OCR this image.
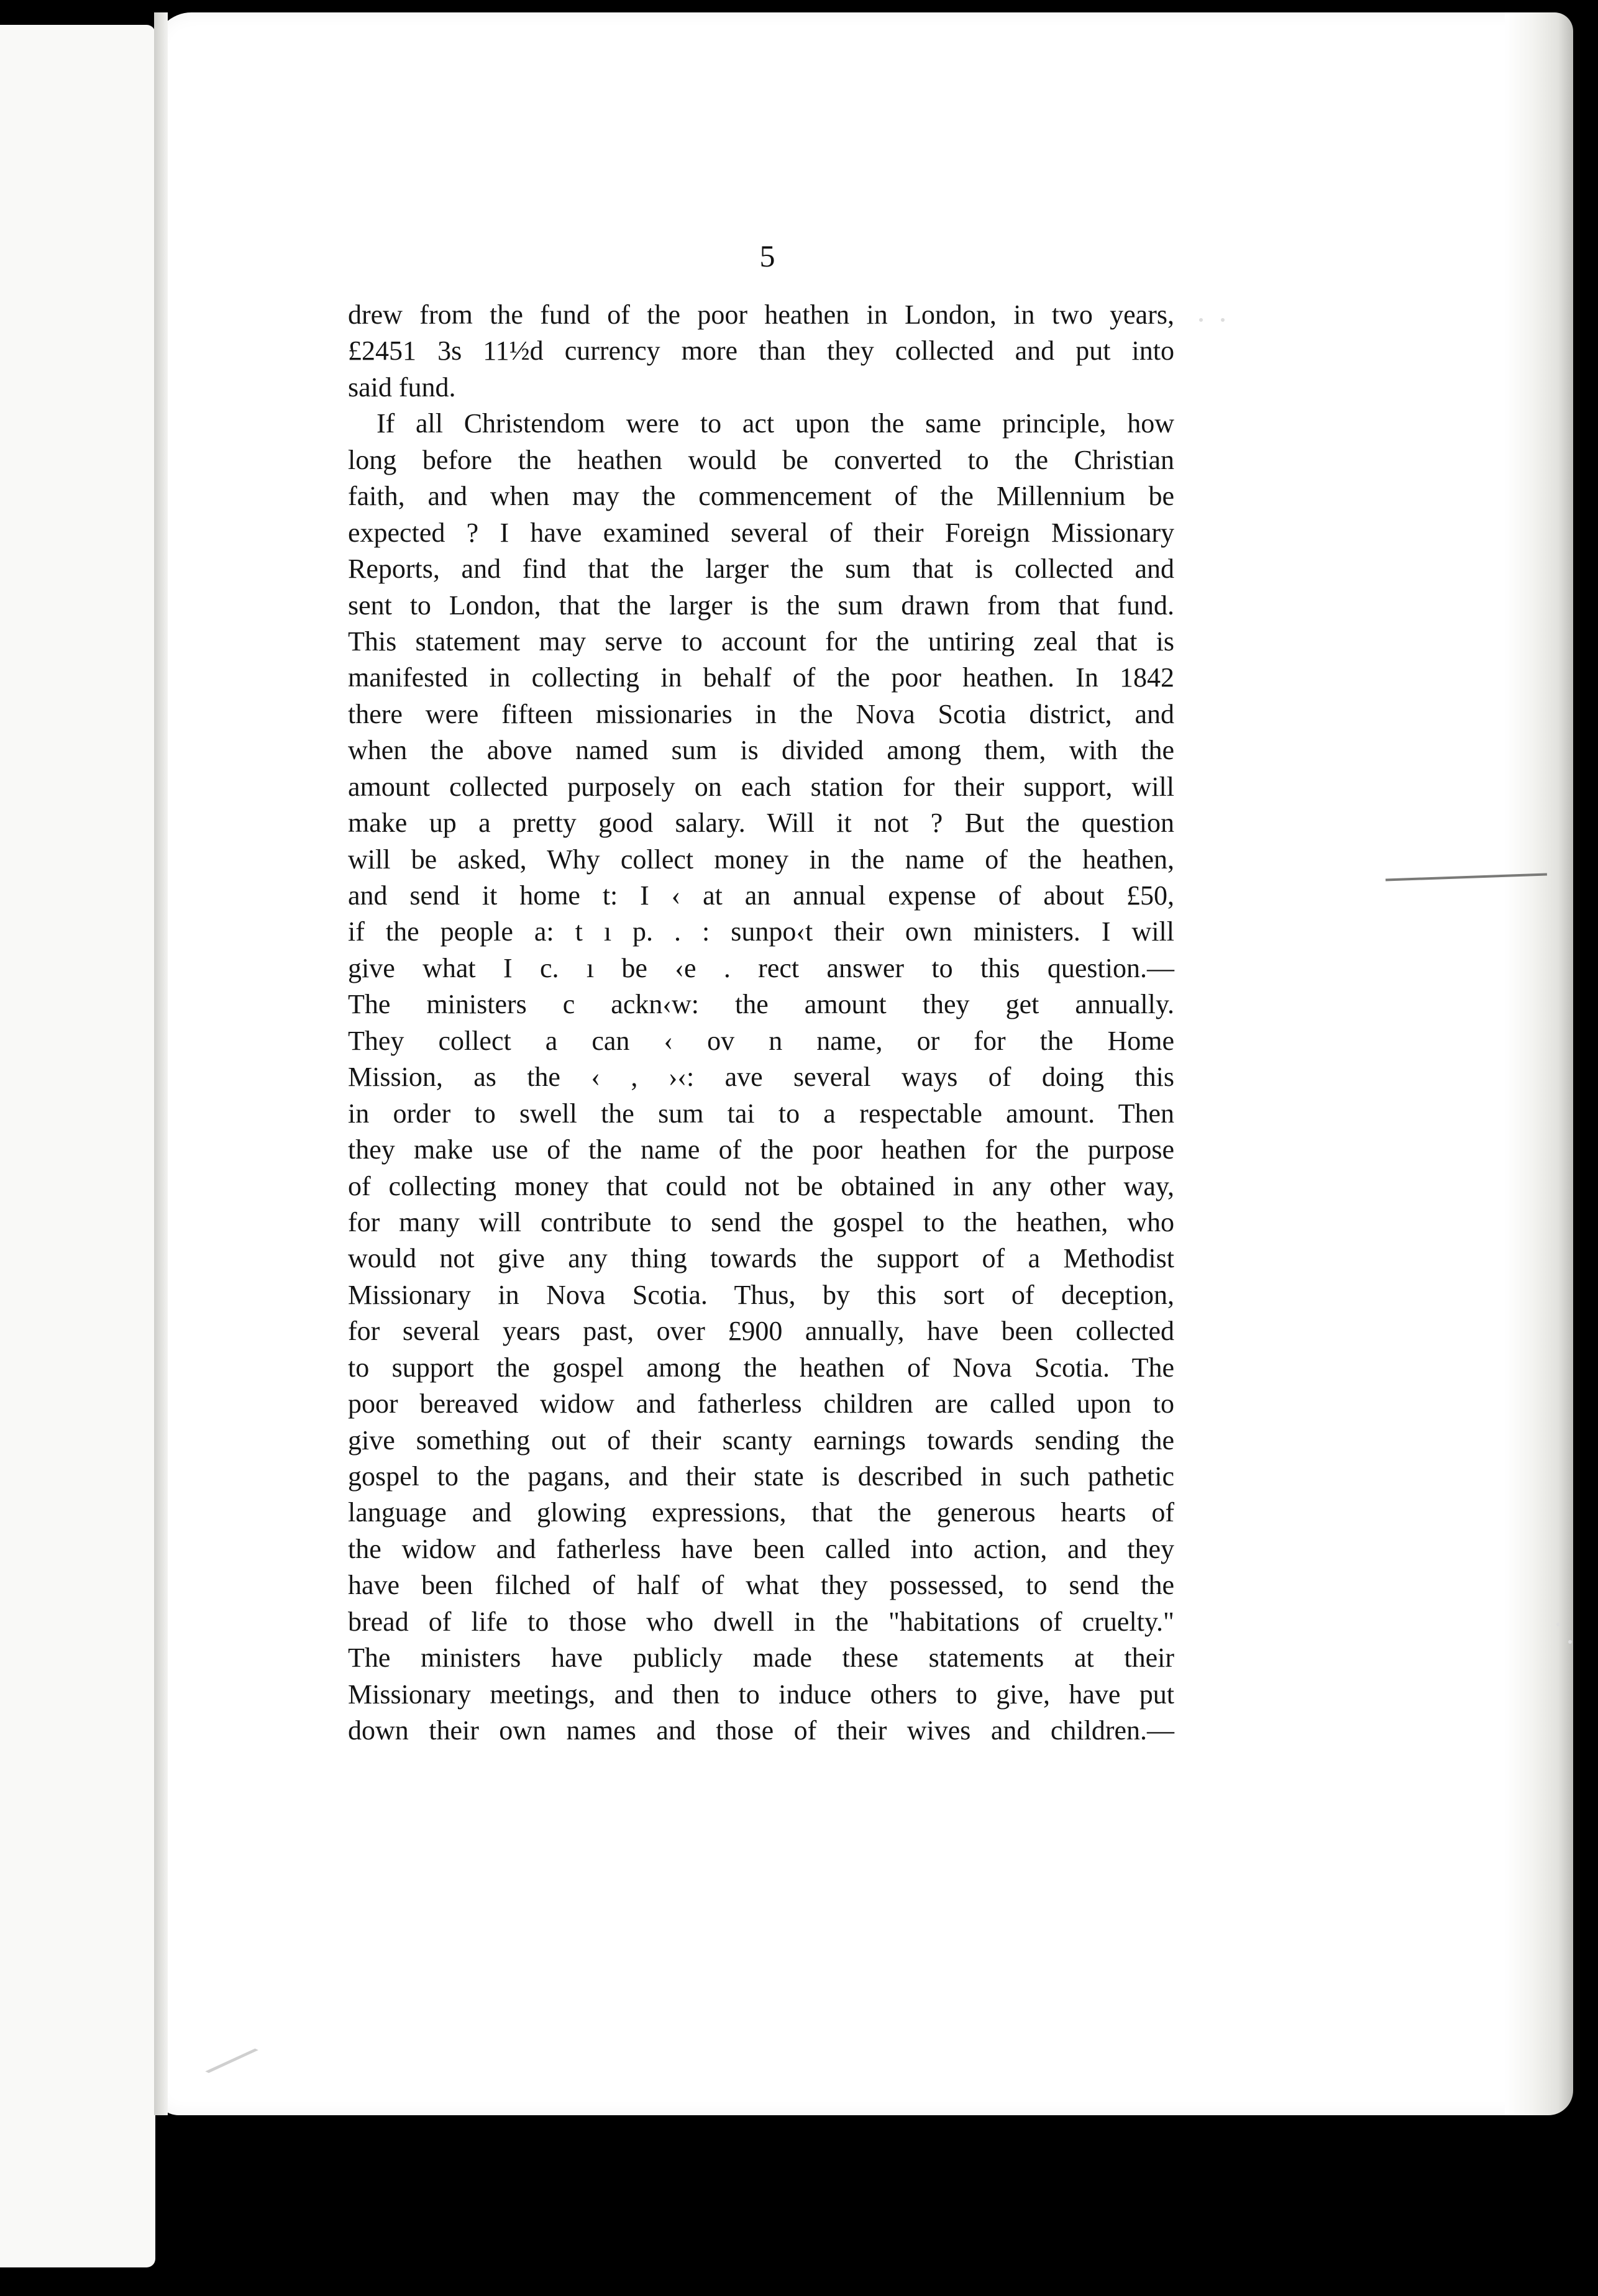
5
drew from the fund of the poor heathen in London, in two years,
£2451 3s 11½d currency more than they collected and put into
said fund.
If all Christendom were to act upon the same principle, how
long before the heathen would be converted to the Christian
faith, and when may the commencement of the Millennium be
expected ? I have examined several of their Foreign Missionary
Reports, and find that the larger the sum that is collected and
sent to London, that the larger is the sum drawn from that fund.
This statement may serve to account for the untiring zeal that is
manifested in collecting in behalf of the poor heathen. In 1842
there were fifteen missionaries in the Nova Scotia district, and
when the above named sum is divided among them, with the
amount collected purposely on each station for their support, will
make up a pretty good salary. Will it not ? But the question
will be asked, Why collect money in the name of the heathen,
and send it home t: I ‹ at an annual expense of about £50,
if the people a: t ı p. . : sunpo‹t their own ministers. I will
give what I c. ı be ‹e . rect answer to this question.—
The ministers c ackn‹w: the amount they get annually.
They collect a can ‹ ov n name, or for the Home
Mission, as the ‹ , ›‹: ave several ways of doing this
in order to swell the sum tai to a respectable amount. Then
they make use of the name of the poor heathen for the purpose
of collecting money that could not be obtained in any other way,
for many will contribute to send the gospel to the heathen, who
would not give any thing towards the support of a Methodist
Missionary in Nova Scotia. Thus, by this sort of deception,
for several years past, over £900 annually, have been collected
to support the gospel among the heathen of Nova Scotia. The
poor bereaved widow and fatherless children are called upon to
give something out of their scanty earnings towards sending the
gospel to the pagans, and their state is described in such pathetic
language and glowing expressions, that the generous hearts of
the widow and fatherless have been called into action, and they
have been filched of half of what they possessed, to send the
bread of life to those who dwell in the "habitations of cruelty."
The ministers have publicly made these statements at their
Missionary meetings, and then to induce others to give, have put
down their own names and those of their wives and children.—
⟋
